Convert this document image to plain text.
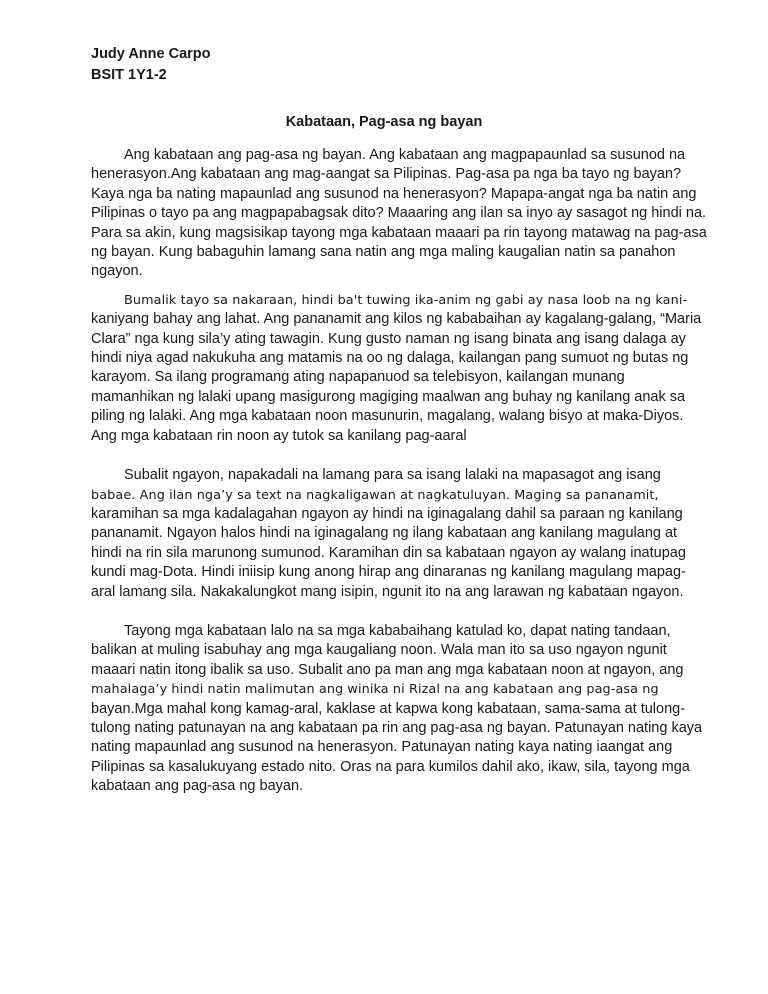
Judy Anne Carpo
BSIT 1Y1-2
Kabataan, Pag-asa ng bayan
Ang kabataan ang pag-asa ng bayan. Ang kabataan ang magpapaunlad sa susunod na
henerasyon.Ang kabataan ang mag-aangat sa Pilipinas. Pag-asa pa nga ba tayo ng bayan?
Kaya nga ba nating mapaunlad ang susunod na henerasyon? Mapapa-angat nga ba natin ang
Pilipinas o tayo pa ang magpapabagsak dito? Maaaring ang ilan sa inyo ay sasagot ng hindi na.
Para sa akin, kung magsisikap tayong mga kabataan maaari pa rin tayong matawag na pag-asa
ng bayan. Kung babaguhin lamang sana natin ang mga maling kaugalian natin sa panahon
ngayon.
Bumalik tayo sa nakaraan, hindi ba't tuwing ika-anim ng gabi ay nasa loob na ng kani-
kaniyang bahay ang lahat. Ang pananamit ang kilos ng kababaihan ay kagalang-galang, “Maria
Clara” nga kung sila’y ating tawagin. Kung gusto naman ng isang binata ang isang dalaga ay
hindi niya agad nakukuha ang matamis na oo ng dalaga, kailangan pang sumuot ng butas ng
karayom. Sa ilang programang ating napapanuod sa telebisyon, kailangan munang
mamanhikan ng lalaki upang masigurong magiging maalwan ang buhay ng kanilang anak sa
piling ng lalaki. Ang mga kabataan noon masunurin, magalang, walang bisyo at maka-Diyos.
Ang mga kabataan rin noon ay tutok sa kanilang pag-aaral
Subalit ngayon, napakadali na lamang para sa isang lalaki na mapasagot ang isang
babae. Ang ilan nga’y sa text na nagkaligawan at nagkatuluyan. Maging sa pananamit,
karamihan sa mga kadalagahan ngayon ay hindi na iginagalang dahil sa paraan ng kanilang
pananamit. Ngayon halos hindi na iginagalang ng ilang kabataan ang kanilang magulang at
hindi na rin sila marunong sumunod. Karamihan din sa kabataan ngayon ay walang inatupag
kundi mag-Dota. Hindi iniisip kung anong hirap ang dinaranas ng kanilang magulang mapag-
aral lamang sila. Nakakalungkot mang isipin, ngunit ito na ang larawan ng kabataan ngayon.
Tayong mga kabataan lalo na sa mga kababaihang katulad ko, dapat nating tandaan,
balikan at muling isabuhay ang mga kaugaliang noon. Wala man ito sa uso ngayon ngunit
maaari natin itong ibalik sa uso. Subalit ano pa man ang mga kabataan noon at ngayon, ang
mahalaga’y hindi natin malimutan ang winika ni Rizal na ang kabataan ang pag-asa ng
bayan.Mga mahal kong kamag-aral, kaklase at kapwa kong kabataan, sama-sama at tulong-
tulong nating patunayan na ang kabataan pa rin ang pag-asa ng bayan. Patunayan nating kaya
nating mapaunlad ang susunod na henerasyon. Patunayan nating kaya nating iaangat ang
Pilipinas sa kasalukuyang estado nito. Oras na para kumilos dahil ako, ikaw, sila, tayong mga
kabataan ang pag-asa ng bayan.
